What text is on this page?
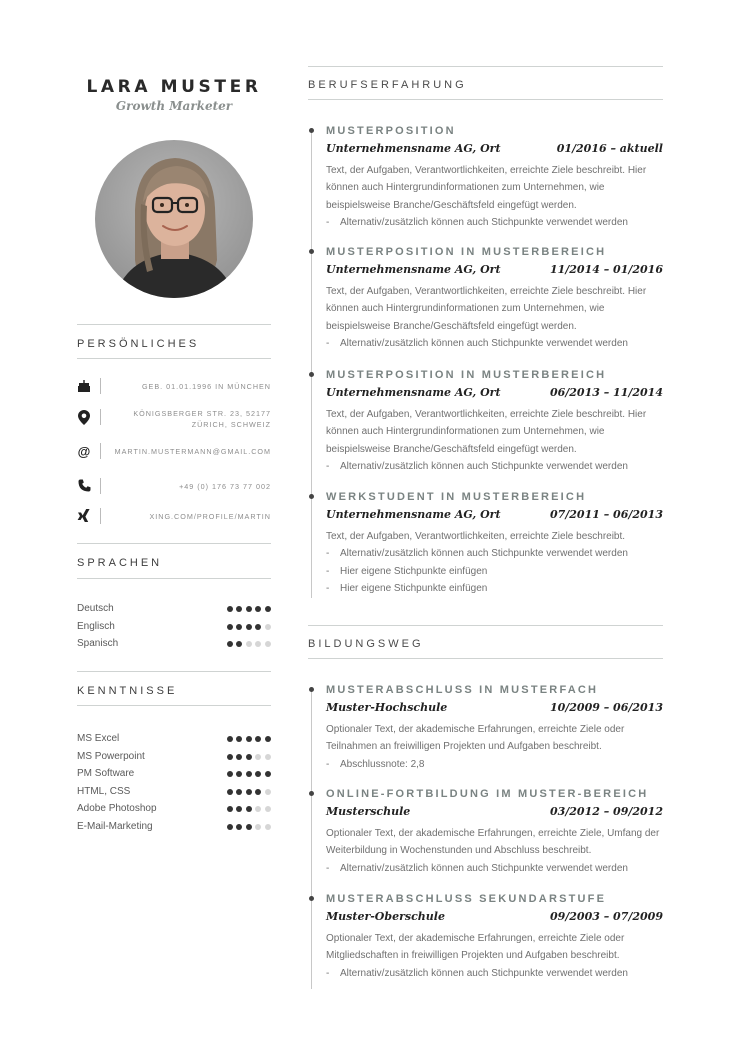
LARA MUSTER
Growth Marketer
PERSÖNLICHES
GEB. 01.01.1996 IN MÜNCHEN
KÖNIGSBERGER STR. 23, 52177 ZÜRICH, SCHWEIZ
@	MARTIN.MUSTERMANN@GMAIL.COM
+49 (0) 176 73 77 002
XING.COM/PROFILE/MARTIN
SPRACHEN
Deutsch
Englisch
Spanisch
KENNTNISSE
MS Excel
MS Powerpoint
PM Software
HTML, CSS
Adobe Photoshop
E-Mail-Marketing
BERUFSERFAHRUNG
MUSTERPOSITION
Unternehmensname AG, Ort	01/2016 – aktuell
Text, der Aufgaben, Verantwortlichkeiten, erreichte Ziele beschreibt. Hier können auch Hintergrundinformationen zum Unternehmen, wie beispielsweise Branche/Geschäftsfeld eingefügt werden.
- Alternativ/zusätzlich können auch Stichpunkte verwendet werden
MUSTERPOSITION IN MUSTERBEREICH
Unternehmensname AG, Ort	11/2014 – 01/2016
Text, der Aufgaben, Verantwortlichkeiten, erreichte Ziele beschreibt. Hier können auch Hintergrundinformationen zum Unternehmen, wie beispielsweise Branche/Geschäftsfeld eingefügt werden.
- Alternativ/zusätzlich können auch Stichpunkte verwendet werden
MUSTERPOSITION IN MUSTERBEREICH
Unternehmensname AG, Ort	06/2013 – 11/2014
Text, der Aufgaben, Verantwortlichkeiten, erreichte Ziele beschreibt. Hier können auch Hintergrundinformationen zum Unternehmen, wie beispielsweise Branche/Geschäftsfeld eingefügt werden.
- Alternativ/zusätzlich können auch Stichpunkte verwendet werden
WERKSTUDENT IN MUSTERBEREICH
Unternehmensname AG, Ort	07/2011 – 06/2013
Text, der Aufgaben, Verantwortlichkeiten, erreichte Ziele beschreibt.
- Alternativ/zusätzlich können auch Stichpunkte verwendet werden
- Hier eigene Stichpunkte einfügen
- Hier eigene Stichpunkte einfügen
BILDUNGSWEG
MUSTERABSCHLUSS IN MUSTERFACH
Muster-Hochschule	10/2009 – 06/2013
Optionaler Text, der akademische Erfahrungen, erreichte Ziele oder Teilnahmen an freiwilligen Projekten und Aufgaben beschreibt.
- Abschlussnote: 2,8
ONLINE-FORTBILDUNG IM MUSTER-BEREICH
Musterschule	03/2012 – 09/2012
Optionaler Text, der akademische Erfahrungen, erreichte Ziele, Umfang der Weiterbildung in Wochenstunden und Abschluss beschreibt.
- Alternativ/zusätzlich können auch Stichpunkte verwendet werden
MUSTERABSCHLUSS SEKUNDARSTUFE
Muster-Oberschule	09/2003 – 07/2009
Optionaler Text, der akademische Erfahrungen, erreichte Ziele oder Mitgliedschaften in freiwilligen Projekten und Aufgaben beschreibt.
- Alternativ/zusätzlich können auch Stichpunkte verwendet werden
